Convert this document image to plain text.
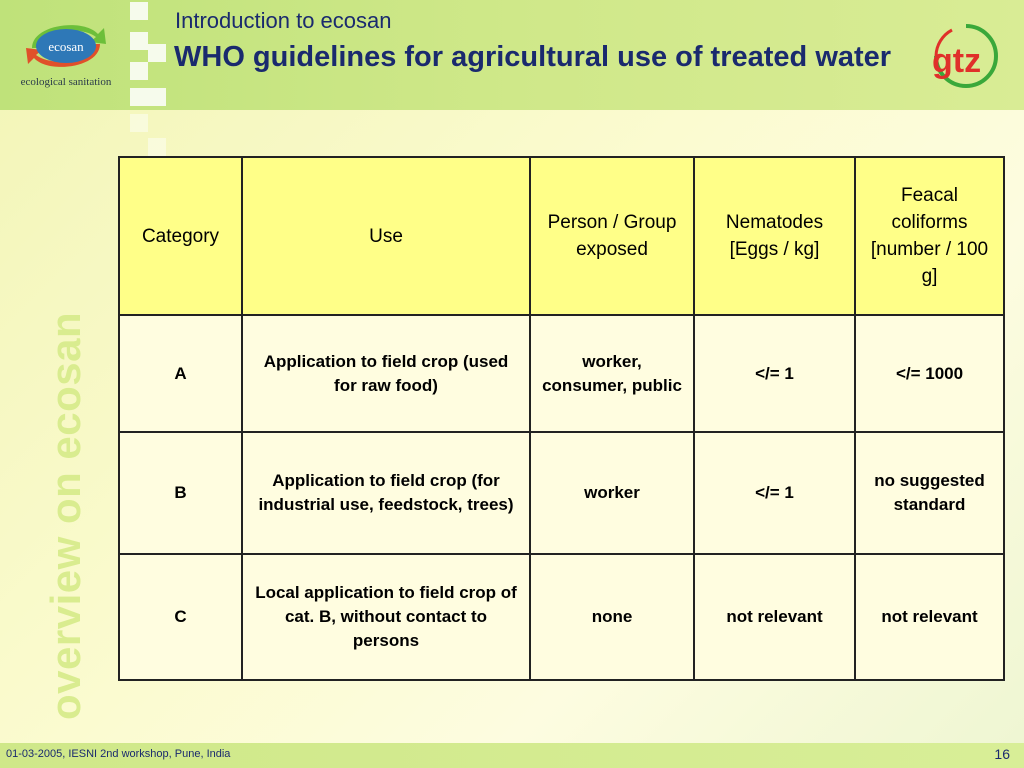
ecosan
ecological sanitation
Introduction to ecosan
WHO guidelines for agricultural use of treated water	gtz
overview on ecosan
Category	Use	Person / Group exposed	Nematodes [Eggs / kg]	Feacal coliforms [number / 100 g]
A	Application to field crop (used for raw food)	worker, consumer, public	</= 1	</= 1000
B	Application to field crop (for industrial use, feedstock, trees)	worker	</= 1	no suggested standard
C	Local application to field crop of cat. B, without contact to persons	none	not relevant	not relevant
01-03-2005, IESNI 2nd workshop, Pune, India	16
